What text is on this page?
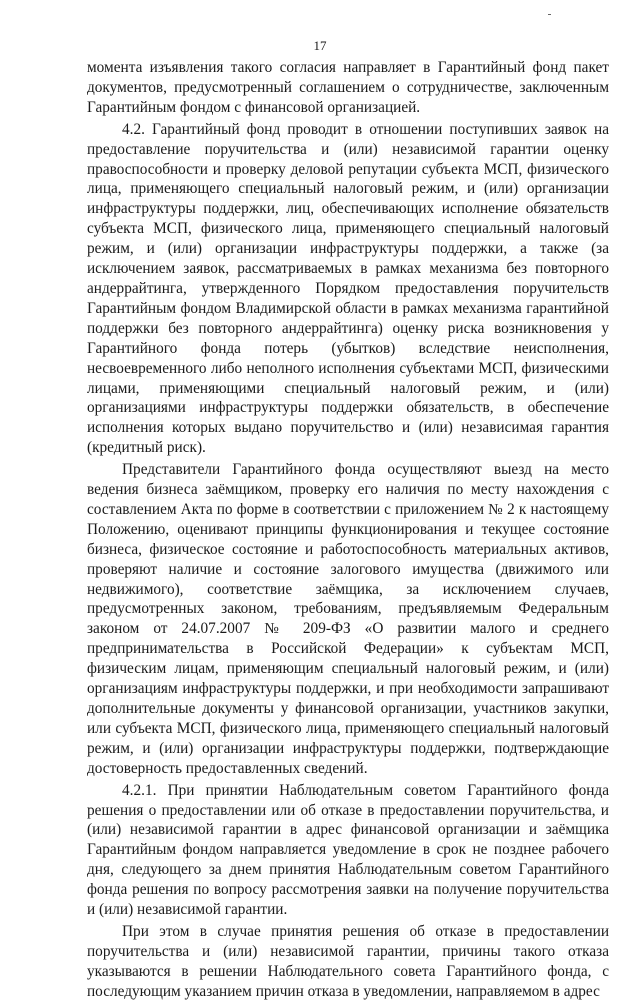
17

момента изъявления такого согласия направляет в Гарантийный фонд пакет документов, предусмотренный соглашением о сотрудничестве, заключенным Гарантийным фондом с финансовой организацией.

4.2. Гарантийный фонд проводит в отношении поступивших заявок на предоставление поручительства и (или) независимой гарантии оценку правоспособности и проверку деловой репутации субъекта МСП, физического лица, применяющего специальный налоговый режим, и (или) организации инфраструктуры поддержки, лиц, обеспечивающих исполнение обязательств субъекта МСП, физического лица, применяющего специальный налоговый режим, и (или) организации инфраструктуры поддержки, а также (за исключением заявок, рассматриваемых в рамках механизма без повторного андеррайтинга, утвержденного Порядком предоставления поручительств Гарантийным фондом Владимирской области в рамках механизма гарантийной поддержки без повторного андеррайтинга) оценку риска возникновения у Гарантийного фонда потерь (убытков) вследствие неисполнения, несвоевременного либо неполного исполнения субъектами МСП, физическими лицами, применяющими специальный налоговый режим, и (или) организациями инфраструктуры поддержки обязательств, в обеспечение исполнения которых выдано поручительство и (или) независимая гарантия (кредитный риск).

Представители Гарантийного фонда осуществляют выезд на место ведения бизнеса заёмщиком, проверку его наличия по месту нахождения с составлением Акта по форме в соответствии с приложением № 2 к настоящему Положению, оценивают принципы функционирования и текущее состояние бизнеса, физическое состояние и работоспособность материальных активов, проверяют наличие и состояние залогового имущества (движимого или недвижимого), соответствие заёмщика, за исключением случаев, предусмотренных законом, требованиям, предъявляемым Федеральным законом от 24.07.2007 № 209-ФЗ «О развитии малого и среднего предпринимательства в Российской Федерации» к субъектам МСП, физическим лицам, применяющим специальный налоговый режим, и (или) организациям инфраструктуры поддержки, и при необходимости запрашивают дополнительные документы у финансовой организации, участников закупки, или субъекта МСП, физического лица, применяющего специальный налоговый режим, и (или) организации инфраструктуры поддержки, подтверждающие достоверность предоставленных сведений.

4.2.1. При принятии Наблюдательным советом Гарантийного фонда решения о предоставлении или об отказе в предоставлении поручительства, и (или) независимой гарантии в адрес финансовой организации и заёмщика Гарантийным фондом направляется уведомление в срок не позднее рабочего дня, следующего за днем принятия Наблюдательным советом Гарантийного фонда решения по вопросу рассмотрения заявки на получение поручительства и (или) независимой гарантии.

При этом в случае принятия решения об отказе в предоставлении поручительства и (или) независимой гарантии, причины такого отказа указываются в решении Наблюдательного совета Гарантийного фонда, с последующим указанием причин отказа в уведомлении, направляемом в адрес
